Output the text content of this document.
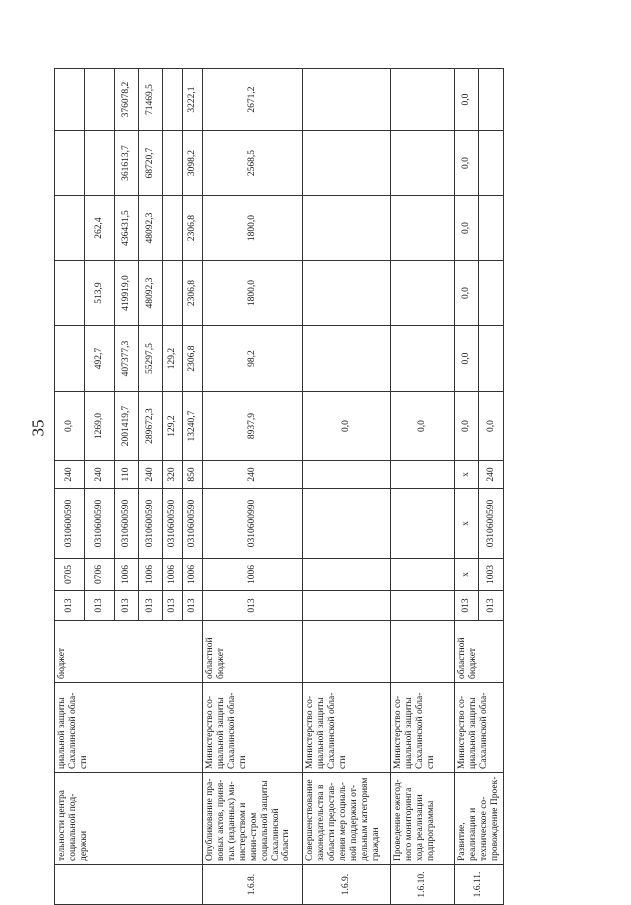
35
	тельности центра социальной под-держки	циальной защиты Сахалинской обла-сти	бюджет	013	0705	0310600590	240	0,0					
				013	0706	0310600590	240	1269,0	492,7	513,9	262,4		
				013	1006	0310600590	110	2001419,7	407377,3	419919,0	436431,5	361613,7	376078,2
				013	1006	0310600590	240	289672,3	55297,5	48092,3	48092,3	68720,7	71469,5
				013	1006	0310600590	320	129,2	129,2				
				013	1006	0310600590	850	13240,7	2306,8	2306,8	2306,8	3098,2	3222,1
1.6.8.	Опубликование пра-вовых актов, приня-тых (изданных) ми-нистерством и мини-стром социальной защиты Сахалинской области	Министерство со-циальной защиты Сахалинской обла-сти	областной бюджет	013	1006	0310600990	240	8937,9	98,2	1800,0	1800,0	2568,5	2671,2
1.6.9.	Совершенствование законодательства в области предостав-ления мер социаль-ной поддержки от-дельным категориям граждан	Министерство со-циальной защиты Сахалинской обла-сти						0,0					
1.6.10.	Проведение ежегод-ного мониторинга хода реализации подпрограммы	Министерство со-циальной защиты Сахалинской обла-сти						0,0					
1.6.11.	Развитие, реализация и техническое со-провождение Проек-	Министерство со-циальной защиты Сахалинской обла-	областной бюджет	013	x	x	x	0,0	0,0	0,0	0,0	0,0	0,0
				013	1003	0310600590	240	0,0					
